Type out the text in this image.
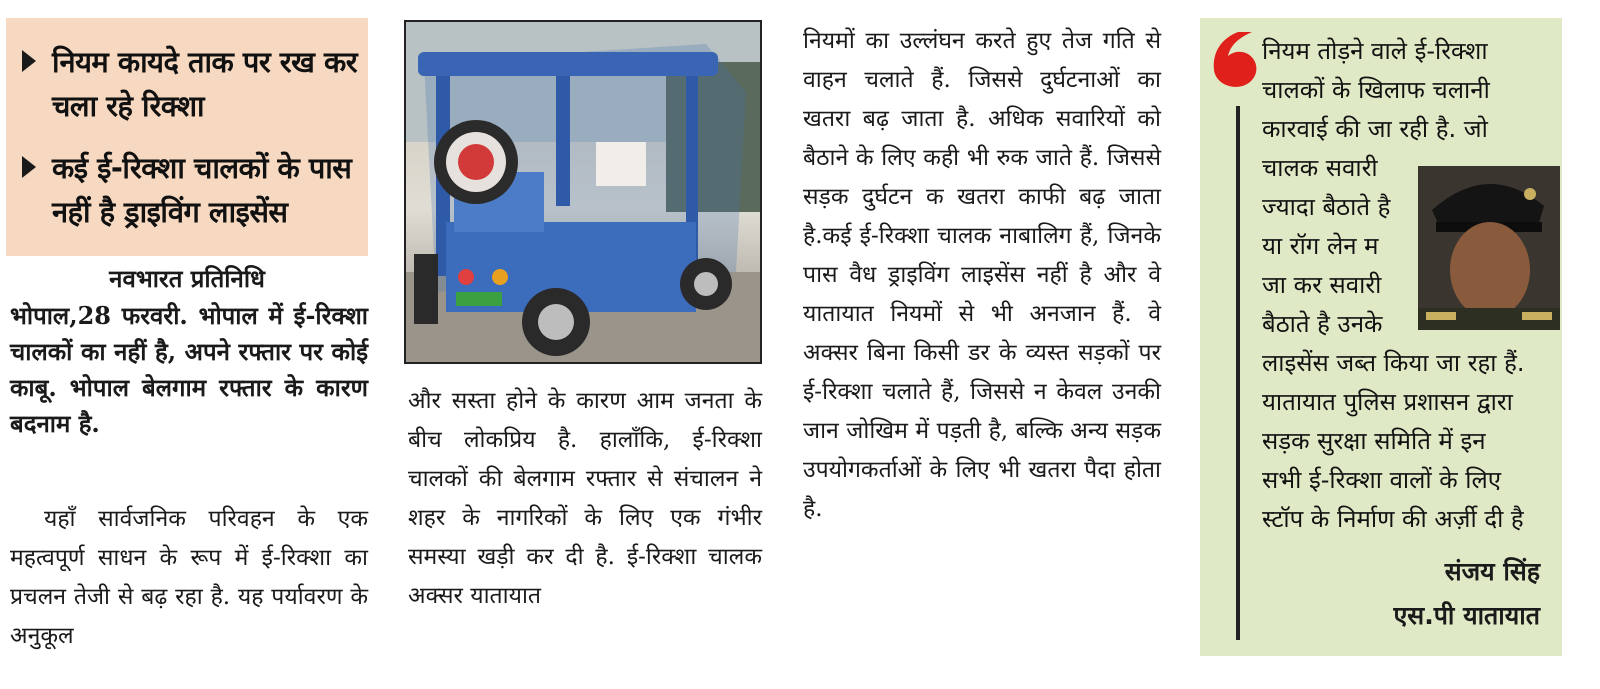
नियम कायदे ताक पर रख कर चला रहे रिक्शा
कई ई-रिक्शा चालकों के पास नहीं है ड्राइविंग लाइसेंस
नवभारत प्रतिनिधि
भोपाल,28 फरवरी. भोपाल में ई-रिक्शा चालकों का नहीं है, अपने रफ्तार पर कोई काबू. भोपाल बेलगाम रफ्तार के कारण बदनाम है.

यहाँ सार्वजनिक परिवहन के एक महत्वपूर्ण साधन के रूप में ई-रिक्शा का प्रचलन तेजी से बढ़ रहा है. यह पर्यावरण के अनुकूल

और सस्ता होने के कारण आम जनता के बीच लोकप्रिय है. हालाँकि, ई-रिक्शा चालकों की बेलगाम रफ्तार से संचालन ने शहर के नागरिकों के लिए एक गंभीर समस्या खड़ी कर दी है. ई-रिक्शा चालक अक्सर यातायात

नियमों का उल्लंघन करते हुए तेज गति से वाहन चलाते हैं. जिससे दुर्घटनाओं का खतरा बढ़ जाता है. अधिक सवारियों को बैठाने के लिए कही भी रुक जाते हैं. जिससे सड़क दुर्घटन क खतरा काफी बढ़ जाता है.कई ई-रिक्शा चालक नाबालिग हैं, जिनके पास वैध ड्राइविंग लाइसेंस नहीं है और वे यातायात नियमों से भी अनजान हैं. वे अक्सर बिना किसी डर के व्यस्त सड़कों पर ई-रिक्शा चलाते हैं, जिससे न केवल उनकी जान जोखिम में पड़ती है, बल्कि अन्य सड़क उपयोगकर्ताओं के लिए भी खतरा पैदा होता है.

नियम तोड़ने वाले ई-रिक्शा
चालकों के खिलाफ चलानी
कारवाई की जा रही है. जो
चालक सवारी
ज्यादा बैठाते है
या रॉग लेन म
जा कर सवारी
बैठाते है उनके
लाइसेंस जब्त किया जा रहा हैं.
यातायात पुलिस प्रशासन द्वारा
सड़क सुरक्षा समिति में इन
सभी ई-रिक्शा वालों के लिए
स्टॉप के निर्माण की अर्ज़ी दी है
संजय सिंह
एस.पी यातायात
